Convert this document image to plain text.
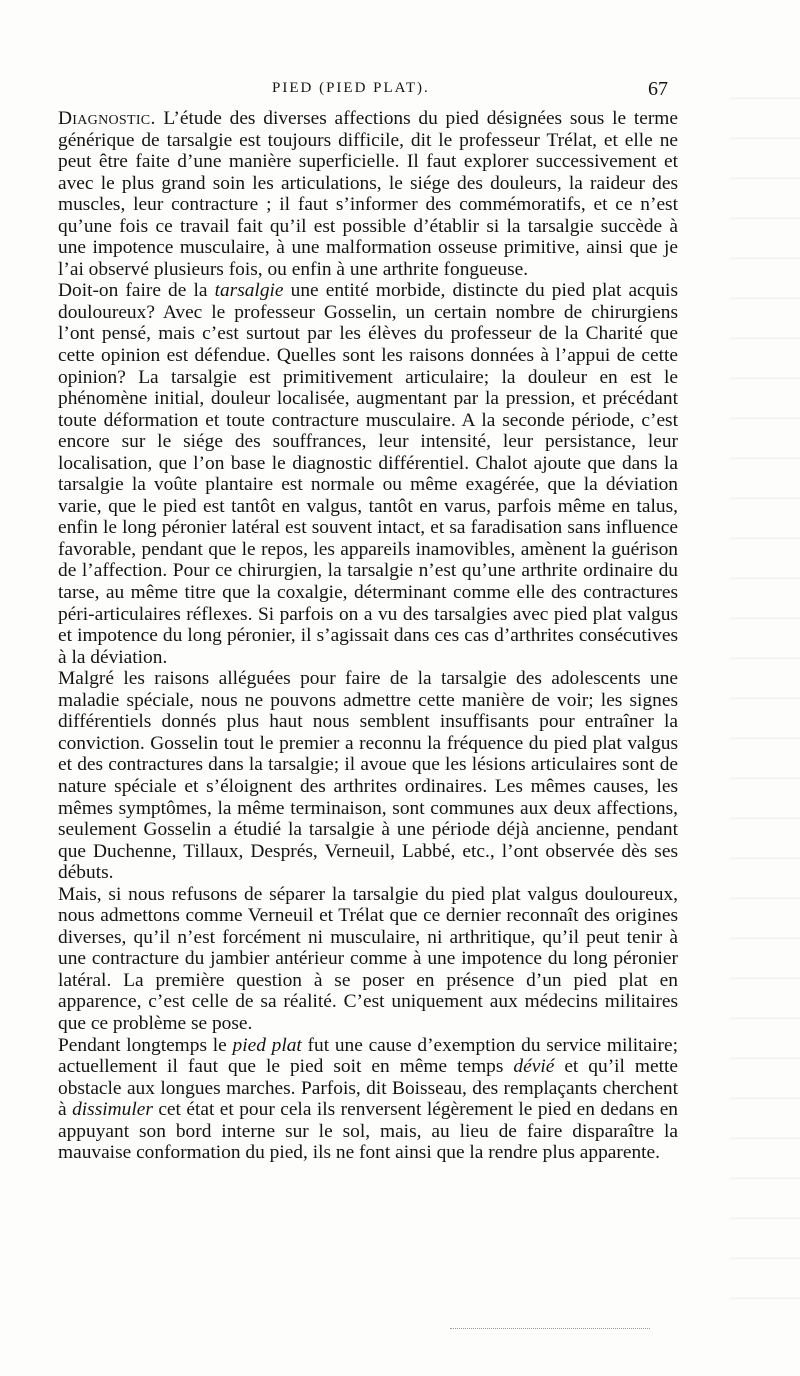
PIED (PIED PLAT).	67

Diagnostic. L’étude des diverses affections du pied désignées sous le terme générique de tarsalgie est toujours difficile, dit le professeur Trélat, et elle ne peut être faite d’une manière superficielle. Il faut explorer successivement et avec le plus grand soin les articulations, le siége des douleurs, la raideur des muscles, leur contracture ; il faut s’informer des commémoratifs, et ce n’est qu’une fois ce travail fait qu’il est possible d’établir si la tarsalgie succède à une impotence musculaire, à une malformation osseuse primitive, ainsi que je l’ai observé plusieurs fois, ou enfin à une arthrite fongueuse.

Doit-on faire de la tarsalgie une entité morbide, distincte du pied plat acquis douloureux? Avec le professeur Gosselin, un certain nombre de chirurgiens l’ont pensé, mais c’est surtout par les élèves du professeur de la Charité que cette opinion est défendue. Quelles sont les raisons données à l’appui de cette opinion? La tarsalgie est primitivement articulaire; la douleur en est le phénomène initial, douleur localisée, augmentant par la pression, et précédant toute déformation et toute contracture musculaire. A la seconde période, c’est encore sur le siége des souffrances, leur intensité, leur persistance, leur localisation, que l’on base le diagnostic différentiel. Chalot ajoute que dans la tarsalgie la voûte plantaire est normale ou même exagérée, que la déviation varie, que le pied est tantôt en valgus, tantôt en varus, parfois même en talus, enfin le long péronier latéral est souvent intact, et sa faradisation sans influence favorable, pendant que le repos, les appareils inamovibles, amènent la guérison de l’affection. Pour ce chirurgien, la tarsalgie n’est qu’une arthrite ordinaire du tarse, au même titre que la coxalgie, déterminant comme elle des contractures péri-articulaires réflexes. Si parfois on a vu des tarsalgies avec pied plat valgus et impotence du long péronier, il s’agissait dans ces cas d’arthrites consécutives à la déviation.

Malgré les raisons alléguées pour faire de la tarsalgie des adolescents une maladie spéciale, nous ne pouvons admettre cette manière de voir; les signes différentiels donnés plus haut nous semblent insuffisants pour entraîner la conviction. Gosselin tout le premier a reconnu la fréquence du pied plat valgus et des contractures dans la tarsalgie; il avoue que les lésions articulaires sont de nature spéciale et s’éloignent des arthrites ordinaires. Les mêmes causes, les mêmes symptômes, la même terminaison, sont communes aux deux affections, seulement Gosselin a étudié la tarsalgie à une période déjà ancienne, pendant que Duchenne, Tillaux, Després, Verneuil, Labbé, etc., l’ont observée dès ses débuts.

Mais, si nous refusons de séparer la tarsalgie du pied plat valgus douloureux, nous admettons comme Verneuil et Trélat que ce dernier reconnaît des origines diverses, qu’il n’est forcément ni musculaire, ni arthritique, qu’il peut tenir à une contracture du jambier antérieur comme à une impotence du long péronier latéral. La première question à se poser en présence d’un pied plat en apparence, c’est celle de sa réalité. C’est uniquement aux médecins militaires que ce problème se pose.

Pendant longtemps le pied plat fut une cause d’exemption du service militaire; actuellement il faut que le pied soit en même temps dévié et qu’il mette obstacle aux longues marches. Parfois, dit Boisseau, des remplaçants cherchent à dissimuler cet état et pour cela ils renversent légèrement le pied en dedans en appuyant son bord interne sur le sol, mais, au lieu de faire disparaître la mauvaise conformation du pied, ils ne font ainsi que la rendre plus apparente.
